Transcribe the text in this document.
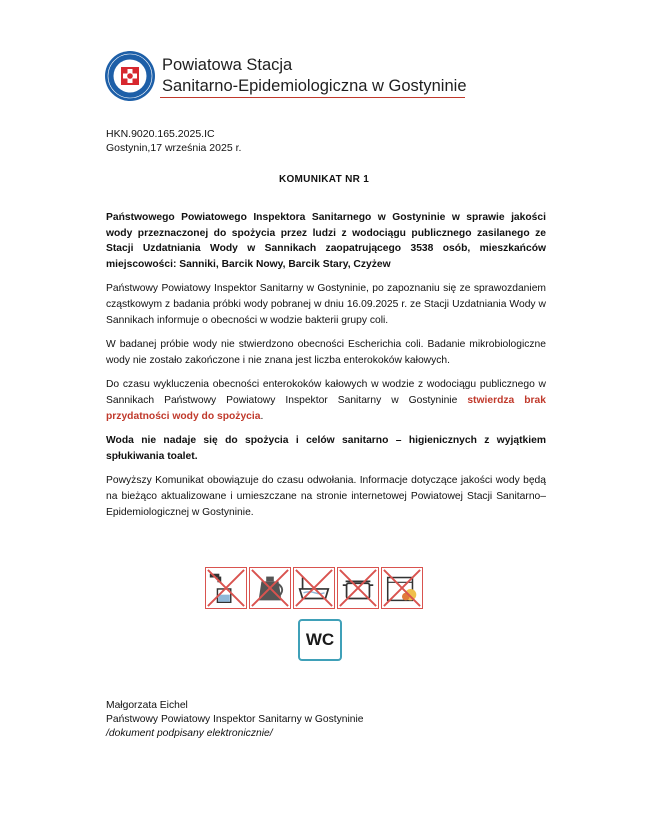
Powiatowa Stacja
Sanitarno-Epidemiologiczna w Gostyninie
HKN.9020.165.2025.IC
Gostynin,17 września 2025 r.
KOMUNIKAT NR 1

Państwowego Powiatowego Inspektora Sanitarnego w Gostyninie w sprawie jakości wody przeznaczonej do spożycia przez ludzi z wodociągu publicznego zasilanego ze Stacji Uzdatniania Wody w Sannikach zaopatrującego 3538 osób, mieszkańców miejscowości: Sanniki, Barcik Nowy, Barcik Stary, Czyżew

Państwowy Powiatowy Inspektor Sanitarny w Gostyninie, po zapoznaniu się ze sprawozdaniem cząstkowym z badania próbki wody pobranej w dniu 16.09.2025 r. ze Stacji Uzdatniania Wody w Sannikach informuje o obecności w wodzie bakterii grupy coli.

W badanej próbie wody nie stwierdzono obecności Escherichia coli. Badanie mikrobiologiczne wody nie zostało zakończone i nie znana jest liczba enterokoków kałowych.

Do czasu wykluczenia obecności enterokoków kałowych w wodzie z wodociągu publicznego w Sannikach Państwowy Powiatowy Inspektor Sanitarny w Gostyninie stwierdza brak przydatności wody do spożycia.

Woda nie nadaje się do spożycia i celów sanitarno – higienicznych z wyjątkiem spłukiwania toalet.

Powyższy Komunikat obowiązuje do czasu odwołania. Informacje dotyczące jakości wody będą na bieżąco aktualizowane i umieszczane na stronie internetowej Powiatowej Stacji Sanitarno–Epidemiologicznej w Gostyninie.

WC
Małgorzata Eichel
Państwowy Powiatowy Inspektor Sanitarny w Gostyninie
/dokument podpisany elektronicznie/
